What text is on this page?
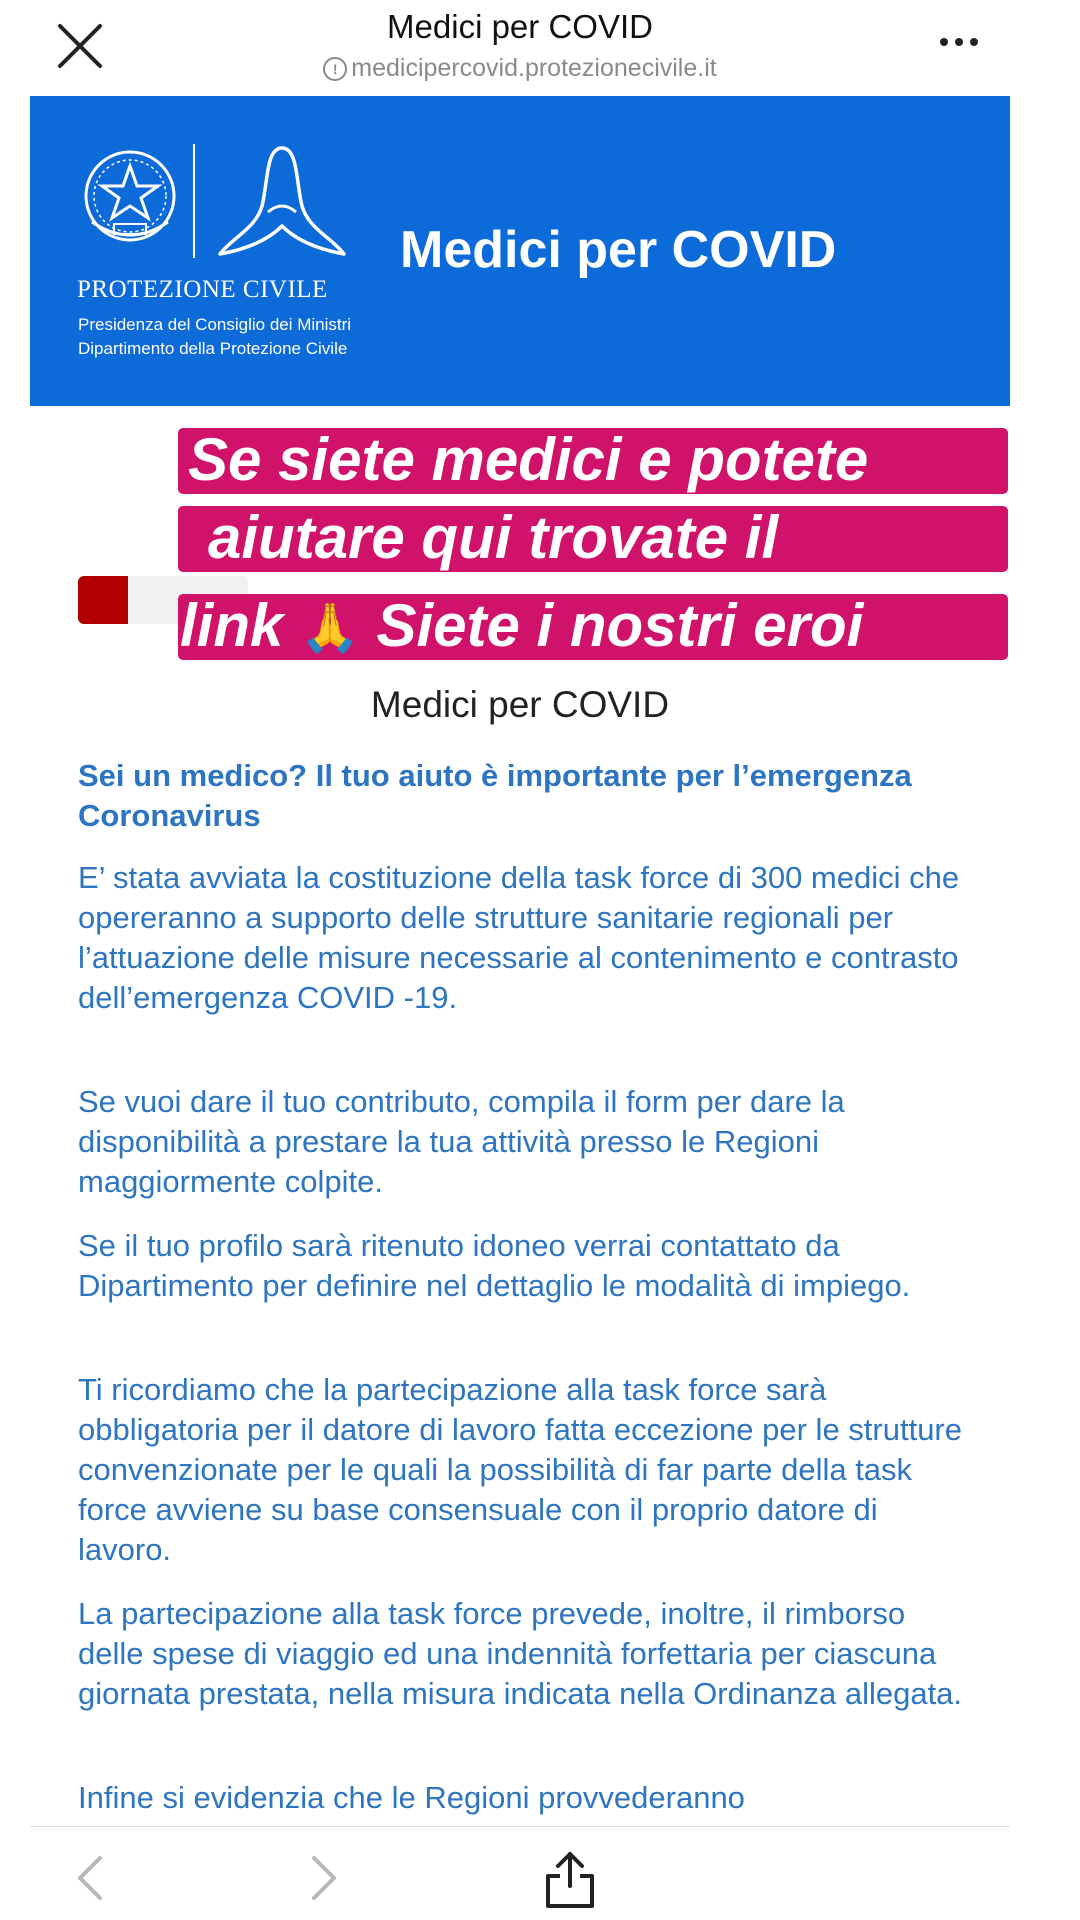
Medici per COVID
! medicipercovid.protezionecivile.it
PROTEZIONE CIVILE
Presidenza del Consiglio dei Ministri
Dipartimento della Protezione Civile
Medici per COVID
Medici per COVID

Sei un medico? Il tuo aiuto è importante per l’emergenza Coronavirus

E’ stata avviata la costituzione della task force di 300 medici che opereranno a supporto delle strutture sanitarie regionali per l’attuazione delle misure necessarie al contenimento e contrasto dell’emergenza COVID -19.

Se vuoi dare il tuo contributo, compila il form per dare la disponibilità a prestare la tua attività presso le Regioni maggiormente colpite.

Se il tuo profilo sarà ritenuto idoneo verrai contattato da Dipartimento per definire nel dettaglio le modalità di impiego.

Ti ricordiamo che la partecipazione alla task force sarà obbligatoria per il datore di lavoro fatta eccezione per le strutture convenzionate per le quali la possibilità di far parte della task force avviene su base consensuale con il proprio datore di lavoro.

La partecipazione alla task force prevede, inoltre, il rimborso delle spese di viaggio ed una indennità forfettaria per ciascuna giornata prestata, nella misura indicata nella Ordinanza allegata.

Infine si evidenzia che le Regioni provvederanno

Se siete medici e potete
aiutare qui trovate il
link 🙏 Siete i nostri eroi
